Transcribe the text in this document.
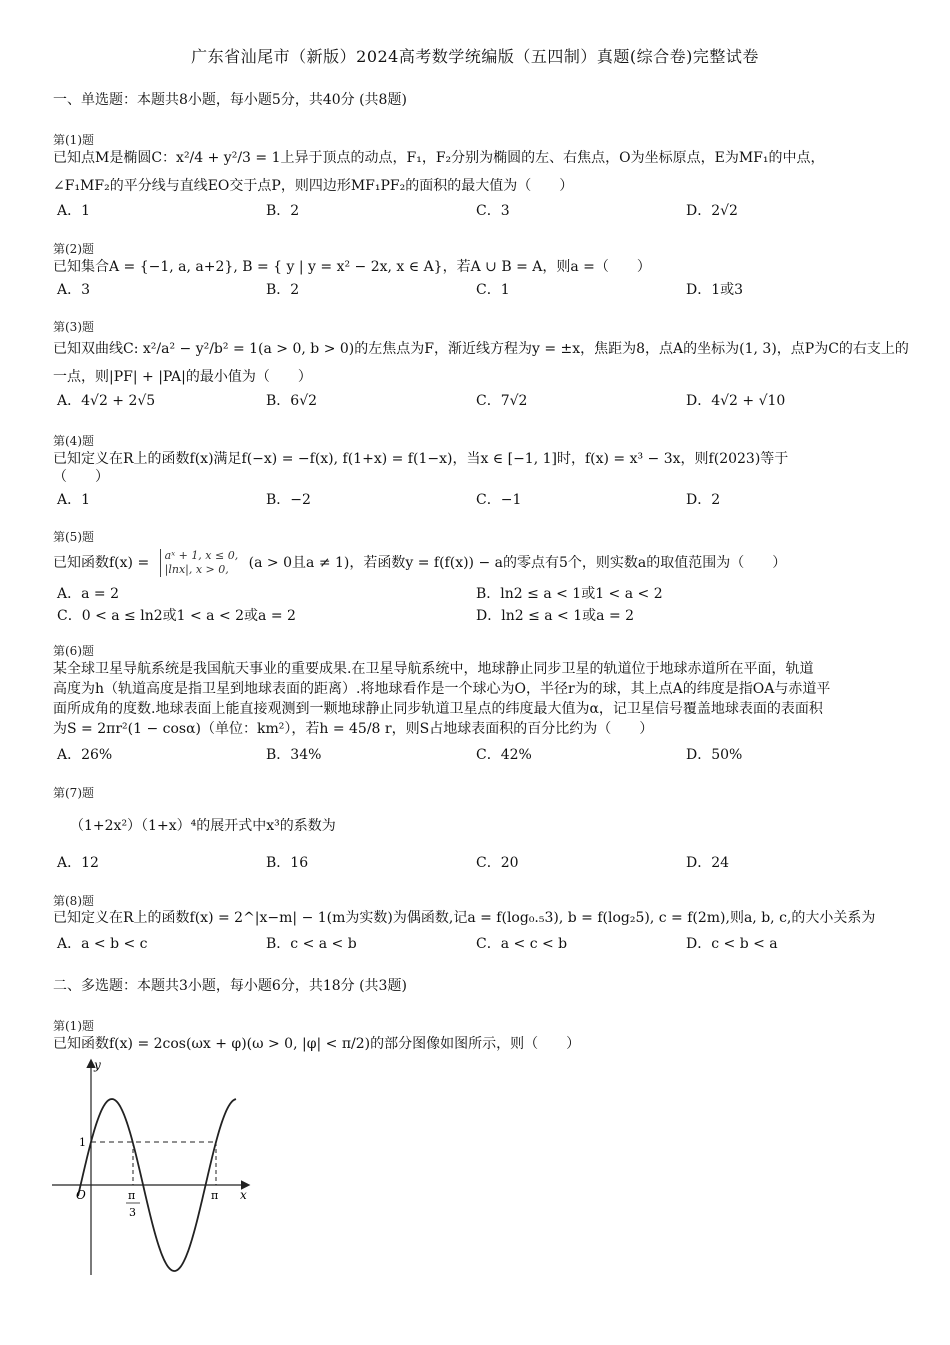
广东省汕尾市（新版）2024高考数学统编版（五四制）真题(综合卷)完整试卷
一、单选题：本题共8小题，每小题5分，共40分 (共8题)
第(1)题
已知点M是椭圆C：x²/4 + y²/3 = 1上异于顶点的动点，F₁，F₂分别为椭圆的左、右焦点，O为坐标原点，E为MF₁的中点，
∠F₁MF₂的平分线与直线EO交于点P，则四边形MF₁PF₂的面积的最大值为（　　）
A．1	B．2	C．3	D．2√2
第(2)题
已知集合A = {−1, a, a+2}, B = { y | y = x² − 2x, x ∈ A}，若A ∪ B = A，则a =（　　）
A．3	B．2	C．1	D．1或3
第(3)题
已知双曲线C: x²/a² − y²/b² = 1(a > 0, b > 0)的左焦点为F，渐近线方程为y = ±x，焦距为8，点A的坐标为(1, 3)，点P为C的右支上的
一点，则|PF| + |PA|的最小值为（　　）
A．4√2 + 2√5	B．6√2	C．7√2	D．4√2 + √10
第(4)题
已知定义在R上的函数f(x)满足f(−x) = −f(x), f(1+x) = f(1−x)，当x ∈ [−1, 1]时，f(x) = x³ − 3x，则f(2023)等于
（　　）
A．1	B．−2	C．−1	D．2
第(5)题
已知函数f(x) = aˣ + 1, x ≤ 0,
|lnx|, x > 0,	(a > 0且a ≠ 1)，若函数y = f(f(x)) − a的零点有5个，则实数a的取值范围为（　　）
A．a = 2	B．ln2 ≤ a < 1或1 < a < 2
C．0 < a ≤ ln2或1 < a < 2或a = 2	D．ln2 ≤ a < 1或a = 2
第(6)题
某全球卫星导航系统是我国航天事业的重要成果.在卫星导航系统中，地球静止同步卫星的轨道位于地球赤道所在平面，轨道
高度为h（轨道高度是指卫星到地球表面的距离）.将地球看作是一个球心为O，半径r为的球，其上点A的纬度是指OA与赤道平
面所成角的度数.地球表面上能直接观测到一颗地球静止同步轨道卫星点的纬度最大值为α，记卫星信号覆盖地球表面的表面积
为S = 2πr²(1 − cosα)（单位：km²），若h = 45/8 r，则S占地球表面积的百分比约为（　　）
A．26%	B．34%	C．42%	D．50%
第(7)题
（1+2x²）（1+x）⁴的展开式中x³的系数为
A．12	B．16	C．20	D．24
第(8)题
已知定义在R上的函数f(x) = 2^|x−m| − 1(m为实数)为偶函数,记a = f(log₀.₅3), b = f(log₂5), c = f(2m),则a, b, c,的大小关系为
A．a < b < c	B．c < a < b	C．a < c < b	D．c < b < a
二、多选题：本题共3小题，每小题6分，共18分 (共3题)
第(1)题
已知函数f(x) = 2cos(ωx + φ)(ω > 0, |φ| < π/2)的部分图像如图所示，则（　　）
y
x
O
1
π
3
π
